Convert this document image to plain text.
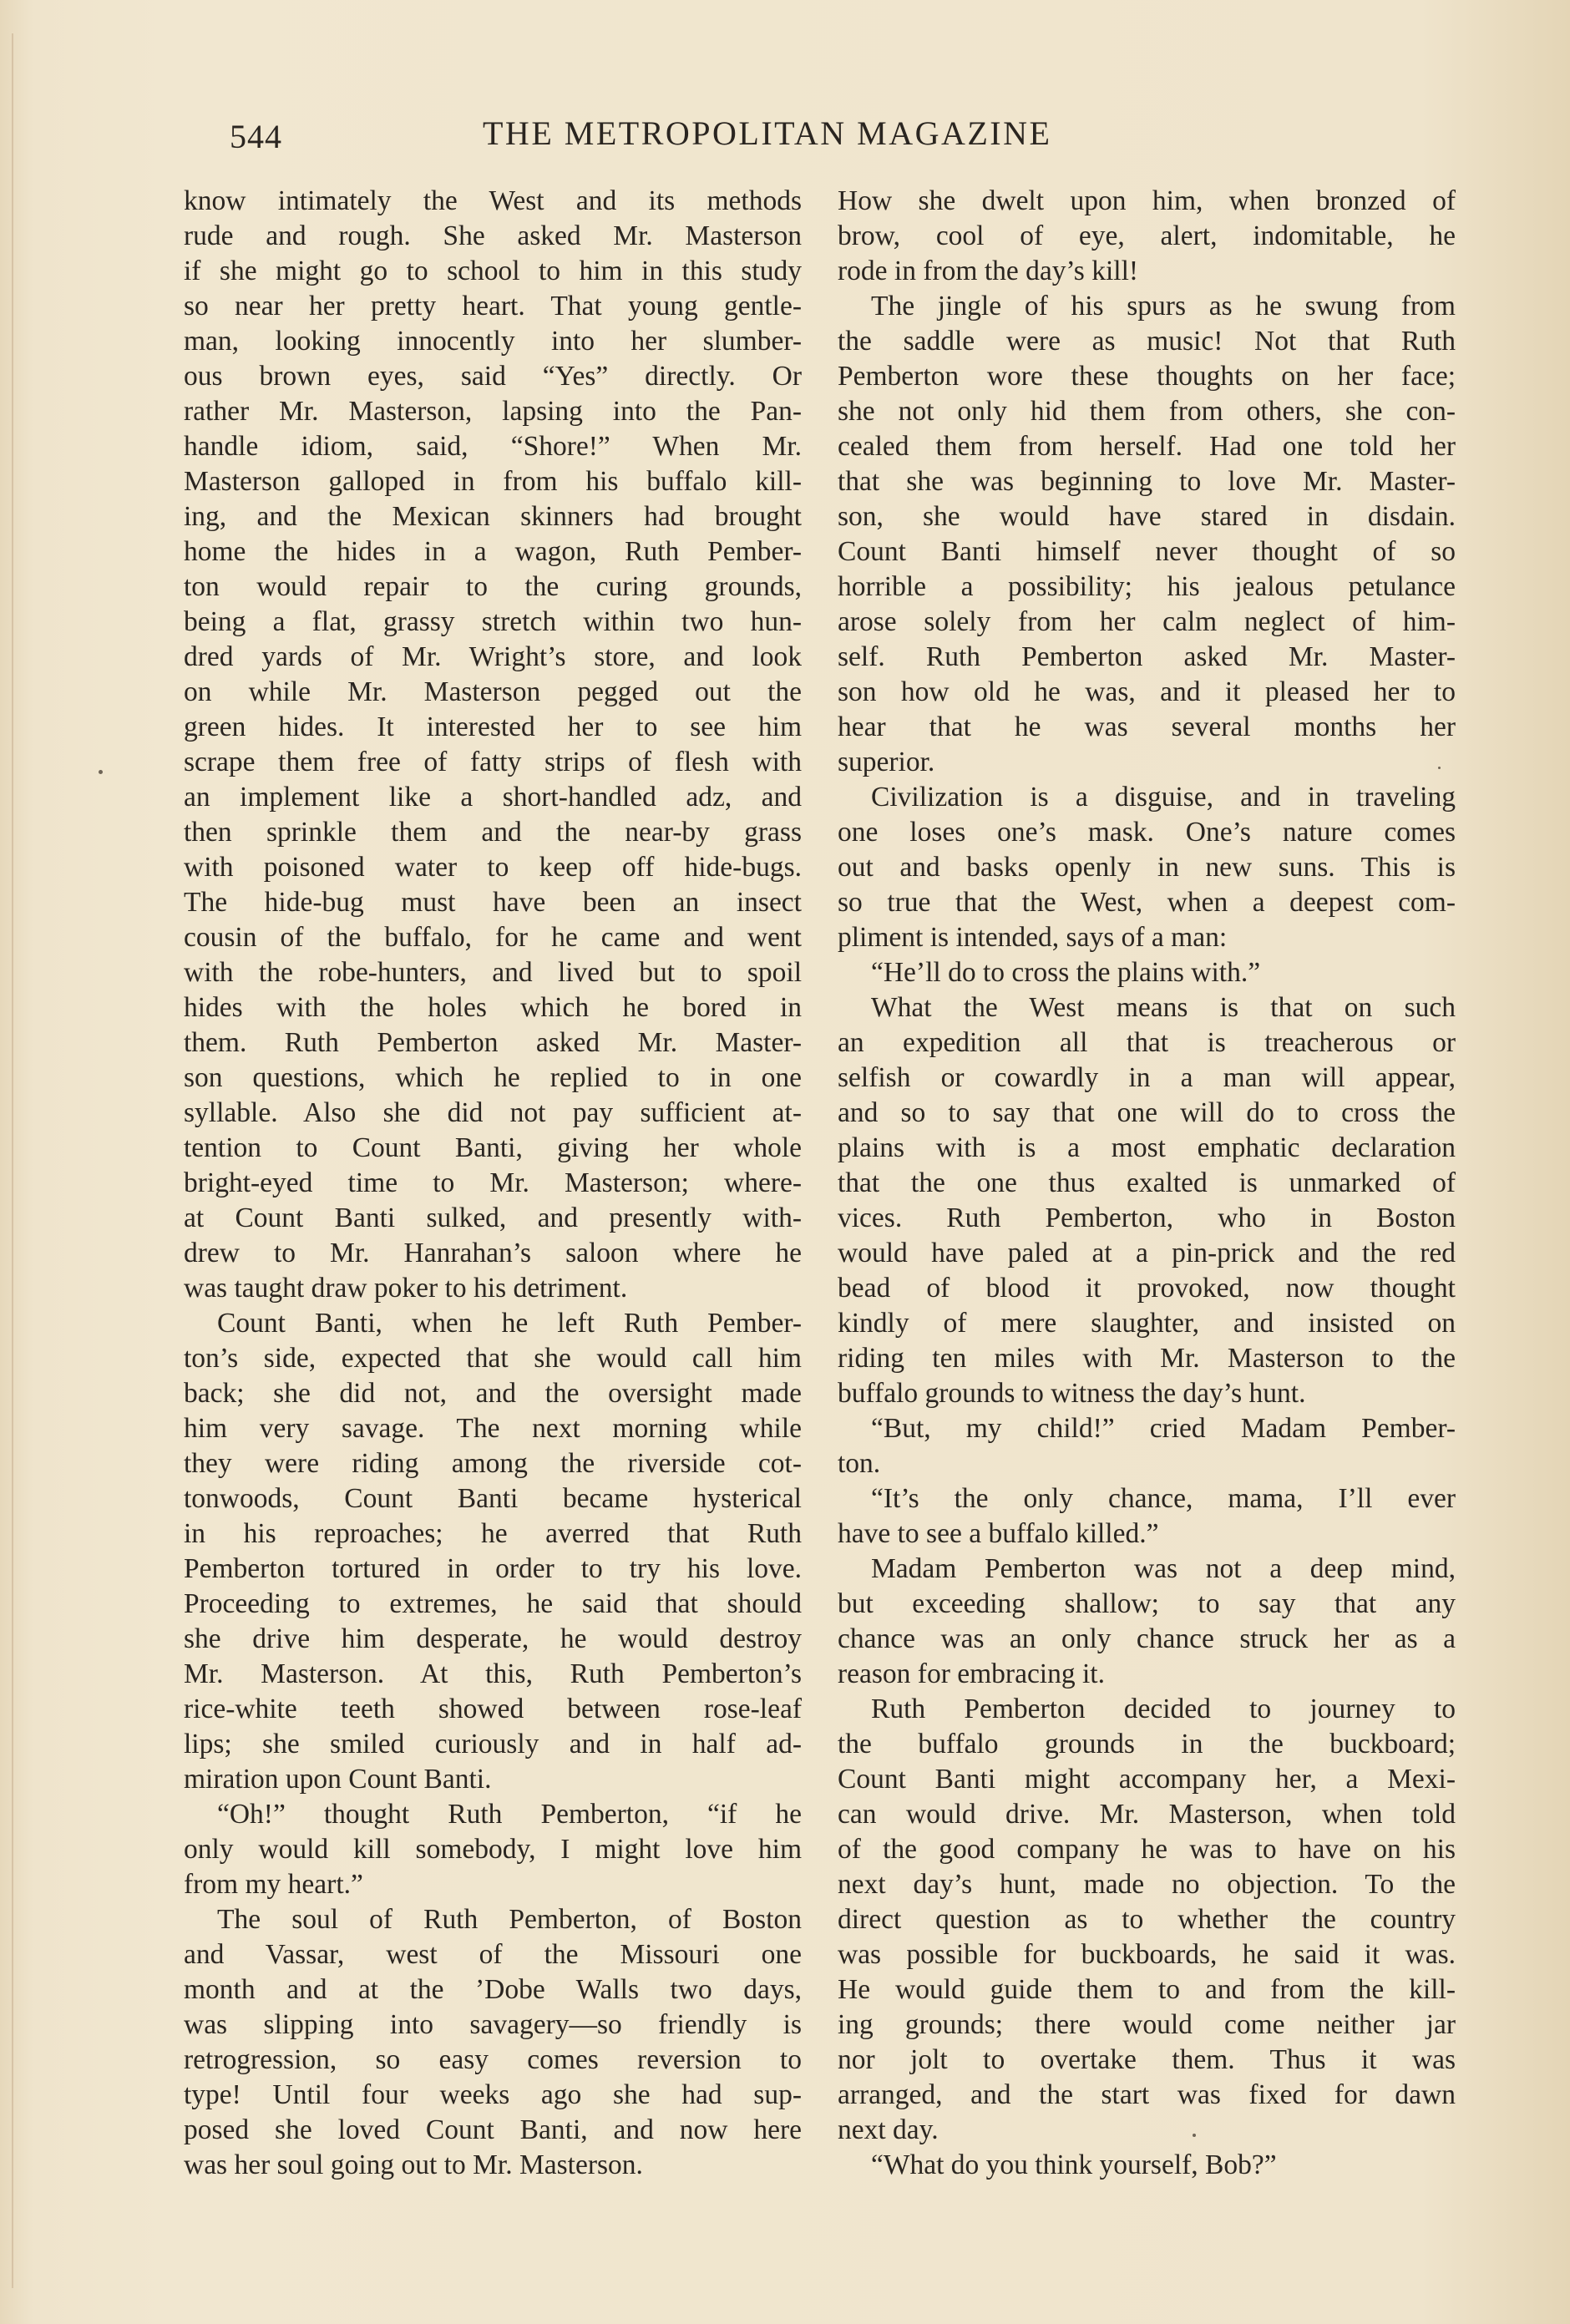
544	THE METROPOLITAN MAGAZINE
know intimately the West and its methods
rude and rough. She asked Mr. Masterson
if she might go to school to him in this study
so near her pretty heart. That young gentle-
man, looking innocently into her slumber-
ous brown eyes, said “Yes” directly. Or
rather Mr. Masterson, lapsing into the Pan-
handle idiom, said, “Shore!” When Mr.
Masterson galloped in from his buffalo kill-
ing, and the Mexican skinners had brought
home the hides in a wagon, Ruth Pember-
ton would repair to the curing grounds,
being a flat, grassy stretch within two hun-
dred yards of Mr. Wright’s store, and look
on while Mr. Masterson pegged out the
green hides. It interested her to see him
scrape them free of fatty strips of flesh with
an implement like a short-handled adz, and
then sprinkle them and the near-by grass
with poisoned water to keep off hide-bugs.
The hide-bug must have been an insect
cousin of the buffalo, for he came and went
with the robe-hunters, and lived but to spoil
hides with the holes which he bored in
them. Ruth Pemberton asked Mr. Master-
son questions, which he replied to in one
syllable. Also she did not pay sufficient at-
tention to Count Banti, giving her whole
bright-eyed time to Mr. Masterson; where-
at Count Banti sulked, and presently with-
drew to Mr. Hanrahan’s saloon where he
was taught draw poker to his detriment.
Count Banti, when he left Ruth Pember-
ton’s side, expected that she would call him
back; she did not, and the oversight made
him very savage. The next morning while
they were riding among the riverside cot-
tonwoods, Count Banti became hysterical
in his reproaches; he averred that Ruth
Pemberton tortured in order to try his love.
Proceeding to extremes, he said that should
she drive him desperate, he would destroy
Mr. Masterson. At this, Ruth Pemberton’s
rice-white teeth showed between rose-leaf
lips; she smiled curiously and in half ad-
miration upon Count Banti.
“Oh!” thought Ruth Pemberton, “if he
only would kill somebody, I might love him
from my heart.”
The soul of Ruth Pemberton, of Boston
and Vassar, west of the Missouri one
month and at the ’Dobe Walls two days,
was slipping into savagery—so friendly is
retrogression, so easy comes reversion to
type! Until four weeks ago she had sup-
posed she loved Count Banti, and now here
was her soul going out to Mr. Masterson.
How she dwelt upon him, when bronzed of
brow, cool of eye, alert, indomitable, he
rode in from the day’s kill!
The jingle of his spurs as he swung from
the saddle were as music! Not that Ruth
Pemberton wore these thoughts on her face;
she not only hid them from others, she con-
cealed them from herself. Had one told her
that she was beginning to love Mr. Master-
son, she would have stared in disdain.
Count Banti himself never thought of so
horrible a possibility; his jealous petulance
arose solely from her calm neglect of him-
self. Ruth Pemberton asked Mr. Master-
son how old he was, and it pleased her to
hear that he was several months her
superior.
Civilization is a disguise, and in traveling
one loses one’s mask. One’s nature comes
out and basks openly in new suns. This is
so true that the West, when a deepest com-
pliment is intended, says of a man:
“He’ll do to cross the plains with.”
What the West means is that on such
an expedition all that is treacherous or
selfish or cowardly in a man will appear,
and so to say that one will do to cross the
plains with is a most emphatic declaration
that the one thus exalted is unmarked of
vices. Ruth Pemberton, who in Boston
would have paled at a pin-prick and the red
bead of blood it provoked, now thought
kindly of mere slaughter, and insisted on
riding ten miles with Mr. Masterson to the
buffalo grounds to witness the day’s hunt.
“But, my child!” cried Madam Pember-
ton.
“It’s the only chance, mama, I’ll ever
have to see a buffalo killed.”
Madam Pemberton was not a deep mind,
but exceeding shallow; to say that any
chance was an only chance struck her as a
reason for embracing it.
Ruth Pemberton decided to journey to
the buffalo grounds in the buckboard;
Count Banti might accompany her, a Mexi-
can would drive. Mr. Masterson, when told
of the good company he was to have on his
next day’s hunt, made no objection. To the
direct question as to whether the country
was possible for buckboards, he said it was.
He would guide them to and from the kill-
ing grounds; there would come neither jar
nor jolt to overtake them. Thus it was
arranged, and the start was fixed for dawn
next day.
“What do you think yourself, Bob?”
